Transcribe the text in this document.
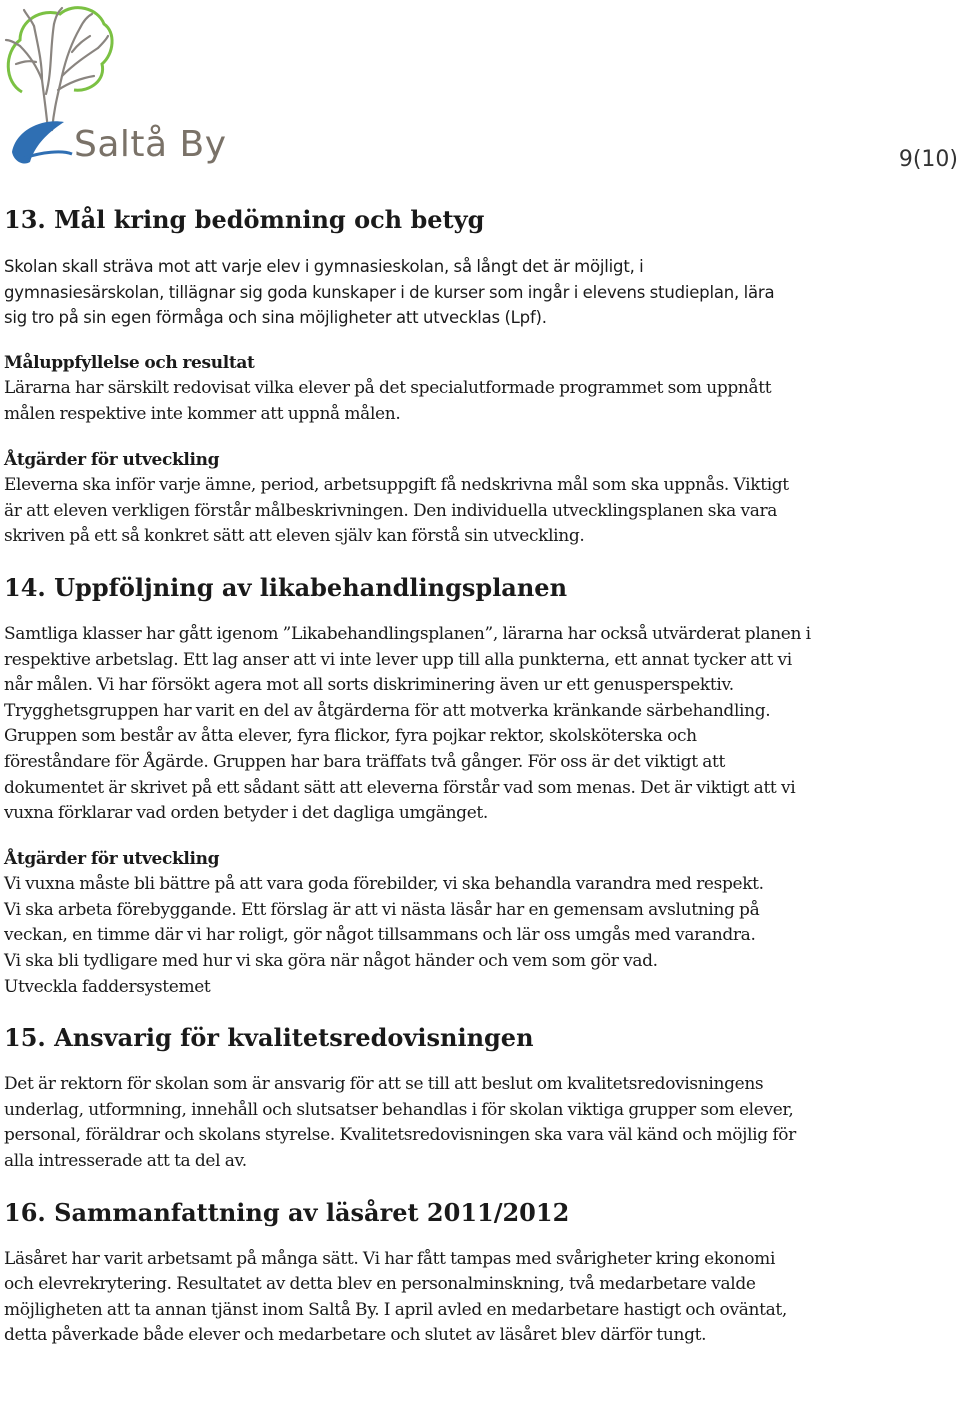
Saltå By	9(10)
13. Mål kring bedömning och betyg

Skolan skall sträva mot att varje elev i gymnasieskolan, så långt det är möjligt, i
gymnasiesärskolan, tillägnar sig goda kunskaper i de kurser som ingår i elevens studieplan, lära
sig tro på sin egen förmåga och sina möjligheter att utvecklas (Lpf).

Måluppfyllelse och resultat
Lärarna har särskilt redovisat vilka elever på det specialutformade programmet som uppnått
målen respektive inte kommer att uppnå målen.

Åtgärder för utveckling
Eleverna ska inför varje ämne, period, arbetsuppgift få nedskrivna mål som ska uppnås. Viktigt
är att eleven verkligen förstår målbeskrivningen. Den individuella utvecklingsplanen ska vara
skriven på ett så konkret sätt att eleven själv kan förstå sin utveckling.

14. Uppföljning av likabehandlingsplanen

Samtliga klasser har gått igenom ”Likabehandlingsplanen”, lärarna har också utvärderat planen i
respektive arbetslag. Ett lag anser att vi inte lever upp till alla punkterna, ett annat tycker att vi
når målen. Vi har försökt agera mot all sorts diskriminering även ur ett genusperspektiv.
Trygghetsgruppen har varit en del av åtgärderna för att motverka kränkande särbehandling.
Gruppen som består av åtta elever, fyra flickor, fyra pojkar rektor, skolsköterska och
föreståndare för Ågärde. Gruppen har bara träffats två gånger. För oss är det viktigt att
dokumentet är skrivet på ett sådant sätt att eleverna förstår vad som menas. Det är viktigt att vi
vuxna förklarar vad orden betyder i det dagliga umgänget.

Åtgärder för utveckling
Vi vuxna måste bli bättre på att vara goda förebilder, vi ska behandla varandra med respekt.
Vi ska arbeta förebyggande. Ett förslag är att vi nästa läsår har en gemensam avslutning på
veckan, en timme där vi har roligt, gör något tillsammans och lär oss umgås med varandra.
Vi ska bli tydligare med hur vi ska göra när något händer och vem som gör vad.
Utveckla faddersystemet

15. Ansvarig för kvalitetsredovisningen

Det är rektorn för skolan som är ansvarig för att se till att beslut om kvalitetsredovisningens
underlag, utformning, innehåll och slutsatser behandlas i för skolan viktiga grupper som elever,
personal, föräldrar och skolans styrelse. Kvalitetsredovisningen ska vara väl känd och möjlig för
alla intresserade att ta del av.

16. Sammanfattning av läsåret 2011/2012

Läsåret har varit arbetsamt på många sätt. Vi har fått tampas med svårigheter kring ekonomi
och elevrekrytering. Resultatet av detta blev en personalminskning, två medarbetare valde
möjligheten att ta annan tjänst inom Saltå By. I april avled en medarbetare hastigt och oväntat,
detta påverkade både elever och medarbetare och slutet av läsåret blev därför tungt.
